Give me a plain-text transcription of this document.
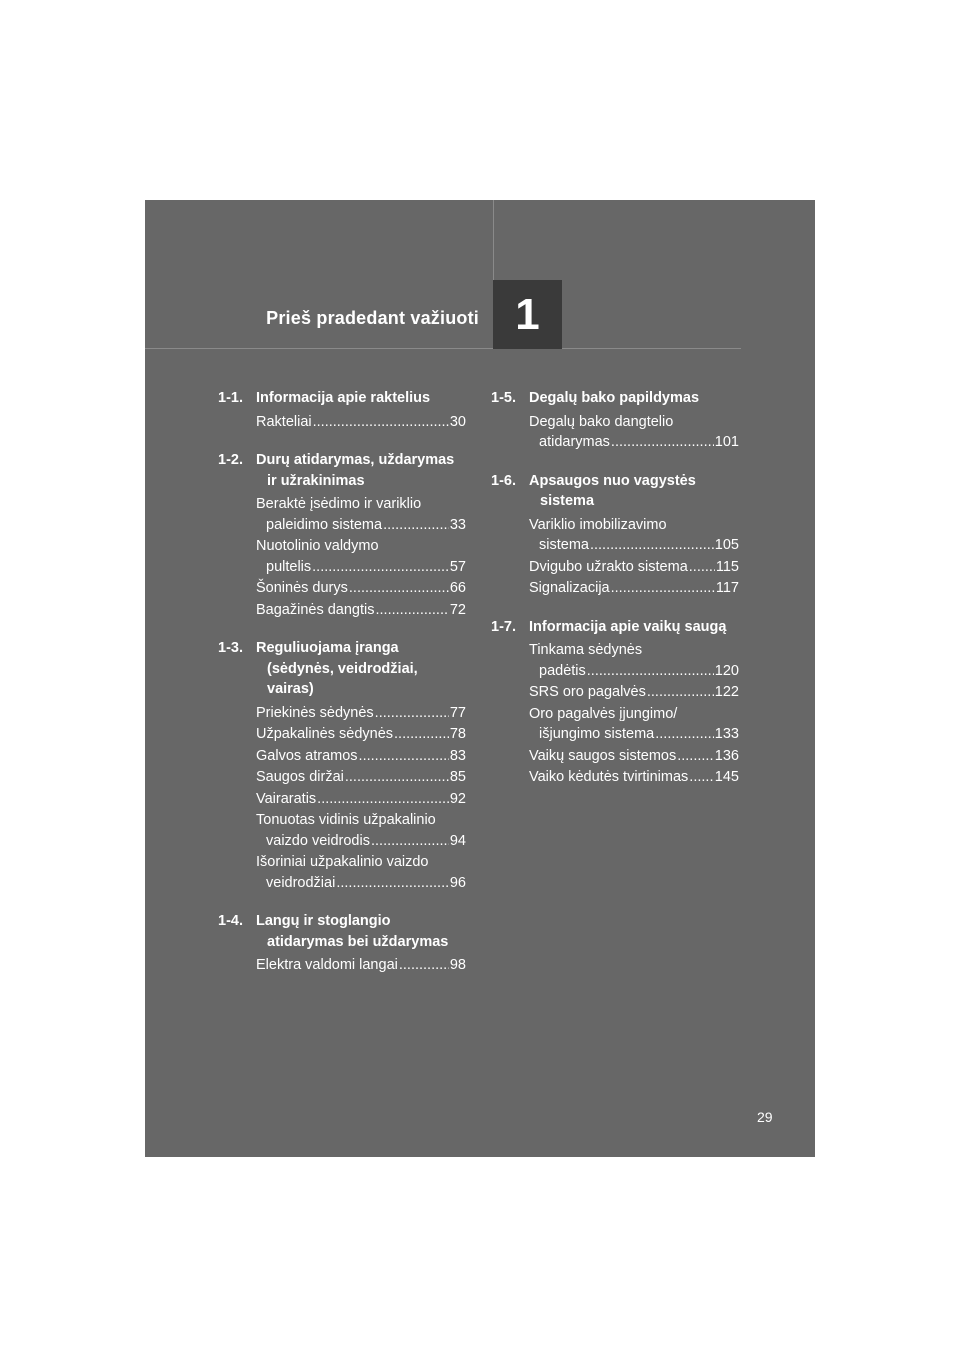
Prieš pradedant važiuoti 1
1-1. Informacija apie raktelius
Rakteliai .....	30
1-2. Durų atidarymas, uždarymas
ir užrakinimas
Beraktė įsėdimo ir variklio
paleidimo sistema .....	33
Nuotolinio valdymo
pultelis .....	57
Šoninės durys .....	66
Bagažinės dangtis .....	72
1-3. Reguliuojama įranga
(sėdynės, veidrodžiai,
vairas)
Priekinės sėdynės .....	77
Užpakalinės sėdynės .....	78
Galvos atramos .....	83
Saugos diržai .....	85
Vairaratis .....	92
Tonuotas vidinis užpakalinio
vaizdo veidrodis .....	94
Išoriniai užpakalinio vaizdo
veidrodžiai .....	96
1-4. Langų ir stoglangio
atidarymas bei uždarymas
Elektra valdomi langai .....	98
1-5. Degalų bako papildymas
Degalų bako dangtelio
atidarymas .....	101
1-6. Apsaugos nuo vagystės
sistema
Variklio imobilizavimo
sistema .....	105
Dvigubo užrakto sistema ..... 115
Signalizacija .....	117
1-7. Informacija apie vaikų saugą
Tinkama sėdynės
padėtis .....	120
SRS oro pagalvės .....	122
Oro pagalvės įjungimo/
išjungimo sistema .....	133
Vaikų saugos sistemos .....	136
Vaiko kėdutės tvirtinimas ..... 145
29
